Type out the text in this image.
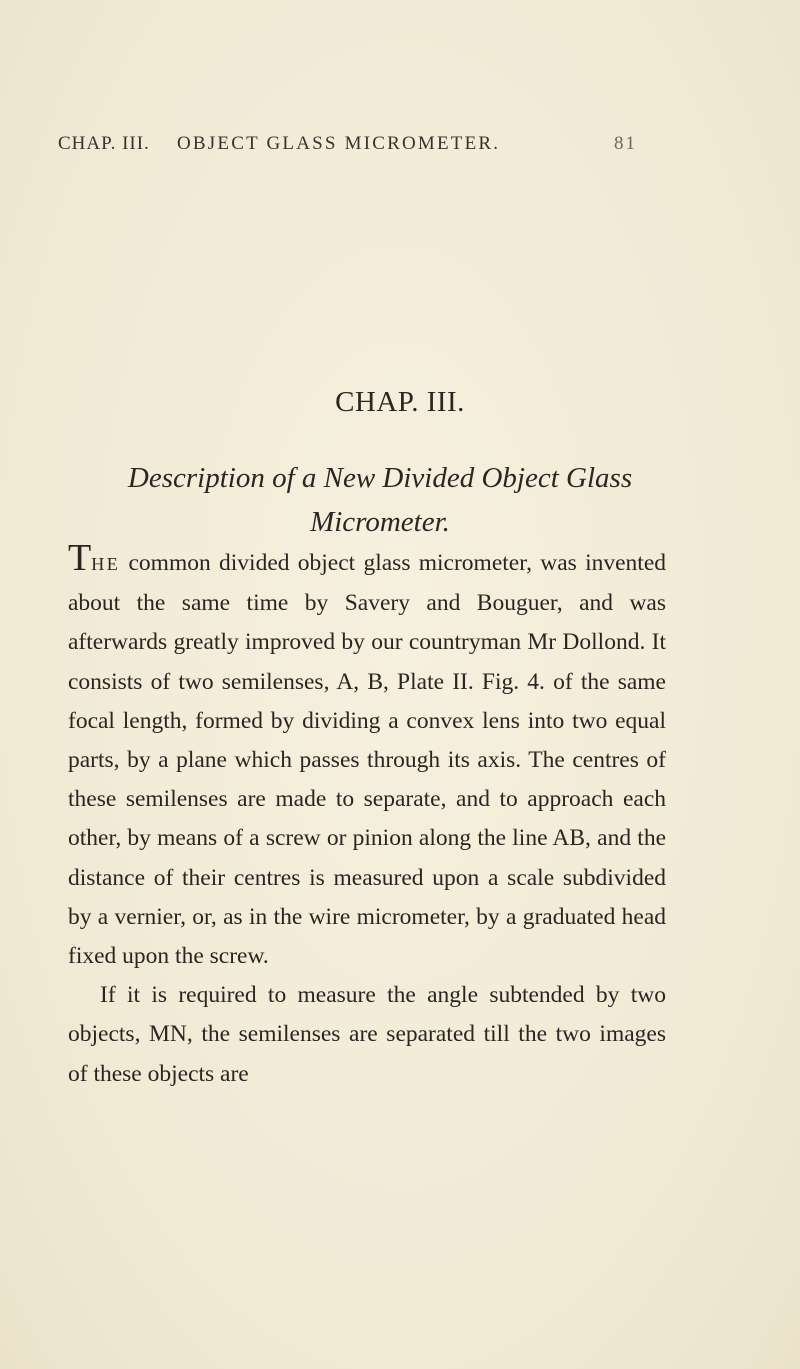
CHAP. III. OBJECT GLASS MICROMETER.	81
CHAP. III.
Description of a New Divided Object Glass Micrometer.

THE common divided object glass micrometer, was invented about the same time by Savery and Bouguer, and was afterwards greatly improved by our countryman Mr Dollond. It consists of two semilenses, A, B, Plate II. Fig. 4. of the same focal length, formed by dividing a convex lens into two equal parts, by a plane which passes through its axis. The centres of these semilenses are made to separate, and to approach each other, by means of a screw or pinion along the line AB, and the distance of their centres is measured upon a scale subdivided by a vernier, or, as in the wire micrometer, by a graduated head fixed upon the screw.

If it is required to measure the angle subtended by two objects, MN, the semilenses are separated till the two images of these objects are
